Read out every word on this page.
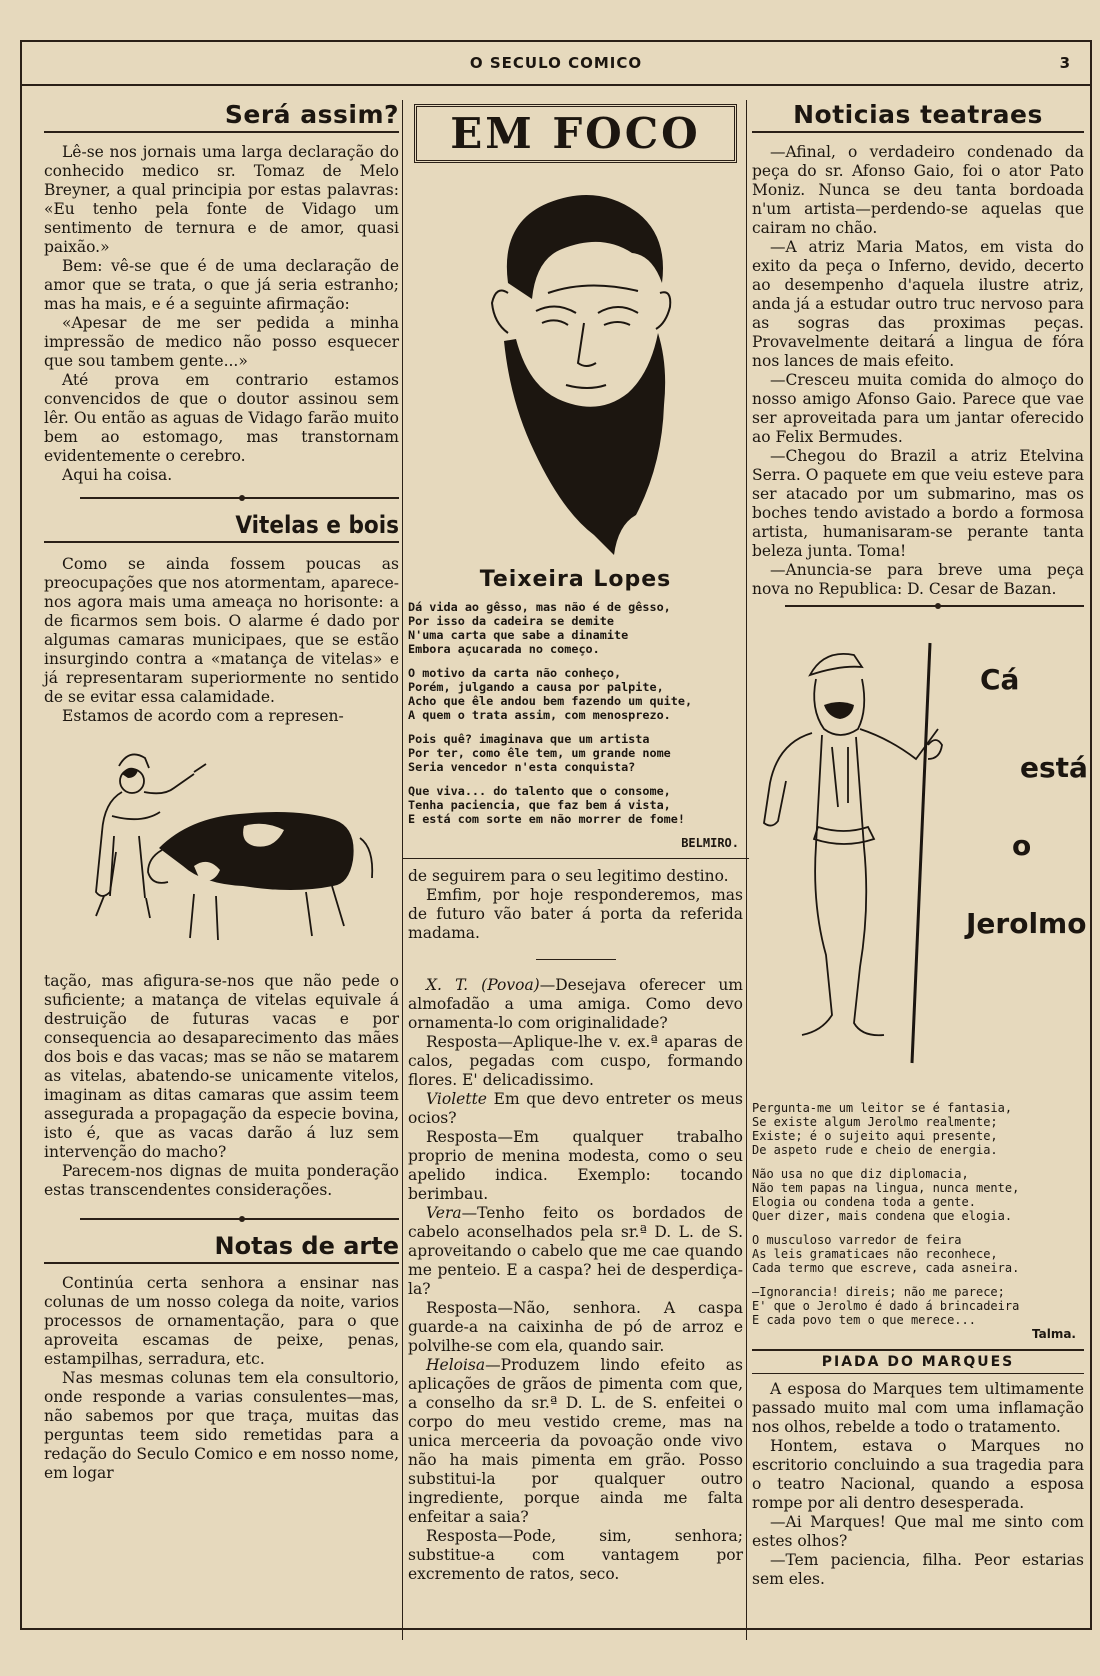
O SECULO COMICO	3
Será assim?

Lê-se nos jornais uma larga declaração do conhecido medico sr. Tomaz de Melo Breyner, a qual principia por estas palavras: «Eu tenho pela fonte de Vidago um sentimento de ternura e de amor, quasi paixão.»

Bem: vê-se que é de uma declaração de amor que se trata, o que já seria estranho; mas ha mais, e é a seguinte afirmação:

«Apesar de me ser pedida a minha impressão de medico não posso esquecer que sou tambem gente...»

Até prova em contrario estamos convencidos de que o doutor assinou sem lêr. Ou então as aguas de Vidago farão muito bem ao estomago, mas transtornam evidentemente o cerebro.

Aqui ha coisa.

Vitelas e bois

Como se ainda fossem poucas as preocupações que nos atormentam, aparece-nos agora mais uma ameaça no horisonte: a de ficarmos sem bois. O alarme é dado por algumas camaras municipaes, que se estão insurgindo contra a «matança de vitelas» e já representaram superiormente no sentido de se evitar essa calamidade.

Estamos de acordo com a represen-

tação, mas afigura-se-nos que não pede o suficiente; a matança de vitelas equivale á destruição de futuras vacas e por consequencia ao desaparecimento das mães dos bois e das vacas; mas se não se matarem as vitelas, abatendo-se unicamente vitelos, imaginam as ditas camaras que assim teem assegurada a propagação da especie bovina, isto é, que as vacas darão á luz sem intervenção do macho?

Parecem-nos dignas de muita ponderação estas transcendentes considerações.

Notas de arte

Continúa certa senhora a ensinar nas colunas de um nosso colega da noite, varios processos de ornamentação, para o que aproveita escamas de peixe, penas, estampilhas, serradura, etc.

Nas mesmas colunas tem ela consultorio, onde responde a varias consulentes—mas, não sabemos por que traça, muitas das perguntas teem sido remetidas para a redação do Seculo Comico e em nosso nome, em logar

EM FOCO
Teixeira Lopes

Dá vida ao gêsso, mas não é de gêsso,

Por isso da cadeira se demite

N'uma carta que sabe a dinamite

Embora açucarada no começo.

O motivo da carta não conheço,

Porém, julgando a causa por palpite,

Acho que êle andou bem fazendo um quite,

A quem o trata assim, com menosprezo.

Pois quê? imaginava que um artista

Por ter, como êle tem, um grande nome

Seria vencedor n'esta conquista?

Que viva... do talento que o consome,

Tenha paciencia, que faz bem á vista,

E está com sorte em não morrer de fome!

BELMIRO.

de seguirem para o seu legitimo destino.

Emfim, por hoje responderemos, mas de futuro vão bater á porta da referida madama.

X. T. (Povoa)—Desejava oferecer um almofadão a uma amiga. Como devo ornamenta-lo com originalidade?

Resposta—Aplique-lhe v. ex.ª aparas de calos, pegadas com cuspo, formando flores. E' delicadissimo.

Violette Em que devo entreter os meus ocios?

Resposta—Em qualquer trabalho proprio de menina modesta, como o seu apelido indica. Exemplo: tocando berimbau.

Vera—Tenho feito os bordados de cabelo aconselhados pela sr.ª D. L. de S. aproveitando o cabelo que me cae quando me penteio. E a caspa? hei de desperdiça-la?

Resposta—Não, senhora. A caspa guarde-a na caixinha de pó de arroz e polvilhe-se com ela, quando sair.

Heloisa—Produzem lindo efeito as aplicações de grãos de pimenta com que, a conselho da sr.ª D. L. de S. enfeitei o corpo do meu vestido creme, mas na unica merceeria da povoação onde vivo não ha mais pimenta em grão. Posso substitui-la por qualquer outro ingrediente, porque ainda me falta enfeitar a saia?

Resposta—Pode, sim, senhora; substitue-a com vantagem por excremento de ratos, seco.

Noticias teatraes

—Afinal, o verdadeiro condenado da peça do sr. Afonso Gaio, foi o ator Pato Moniz. Nunca se deu tanta bordoada n'um artista—perdendo-se aquelas que cairam no chão.

—A atriz Maria Matos, em vista do exito da peça o Inferno, devido, decerto ao desempenho d'aquela ilustre atriz, anda já a estudar outro truc nervoso para as sogras das proximas peças. Provavelmente deitará a lingua de fóra nos lances de mais efeito.

—Cresceu muita comida do almoço do nosso amigo Afonso Gaio. Parece que vae ser aproveitada para um jantar oferecido ao Felix Bermudes.

—Chegou do Brazil a atriz Etelvina Serra. O paquete em que veiu esteve para ser atacado por um submarino, mas os boches tendo avistado a bordo a formosa artista, humanisaram-se perante tanta beleza junta. Toma!

—Anuncia-se para breve uma peça nova no Republica: D. Cesar de Bazan.

Cá
está
o
Jerolmo

Pergunta-me um leitor se é fantasia,

Se existe algum Jerolmo realmente;

Existe; é o sujeito aqui presente,

De aspeto rude e cheio de energia.

Não usa no que diz diplomacia,

Não tem papas na lingua, nunca mente,

Elogia ou condena toda a gente.

Quer dizer, mais condena que elogia.

O musculoso varredor de feira

As leis gramaticaes não reconhece,

Cada termo que escreve, cada asneira.

—Ignorancia! direis; não me parece;

E' que o Jerolmo é dado á brincadeira

E cada povo tem o que merece...

Talma.
PIADA DO MARQUES

A esposa do Marques tem ultimamente passado muito mal com uma inflamação nos olhos, rebelde a todo o tratamento.

Hontem, estava o Marques no escritorio concluindo a sua tragedia para o teatro Nacional, quando a esposa rompe por ali dentro desesperada.

—Ai Marques! Que mal me sinto com estes olhos?

—Tem paciencia, filha. Peor estarias sem eles.
